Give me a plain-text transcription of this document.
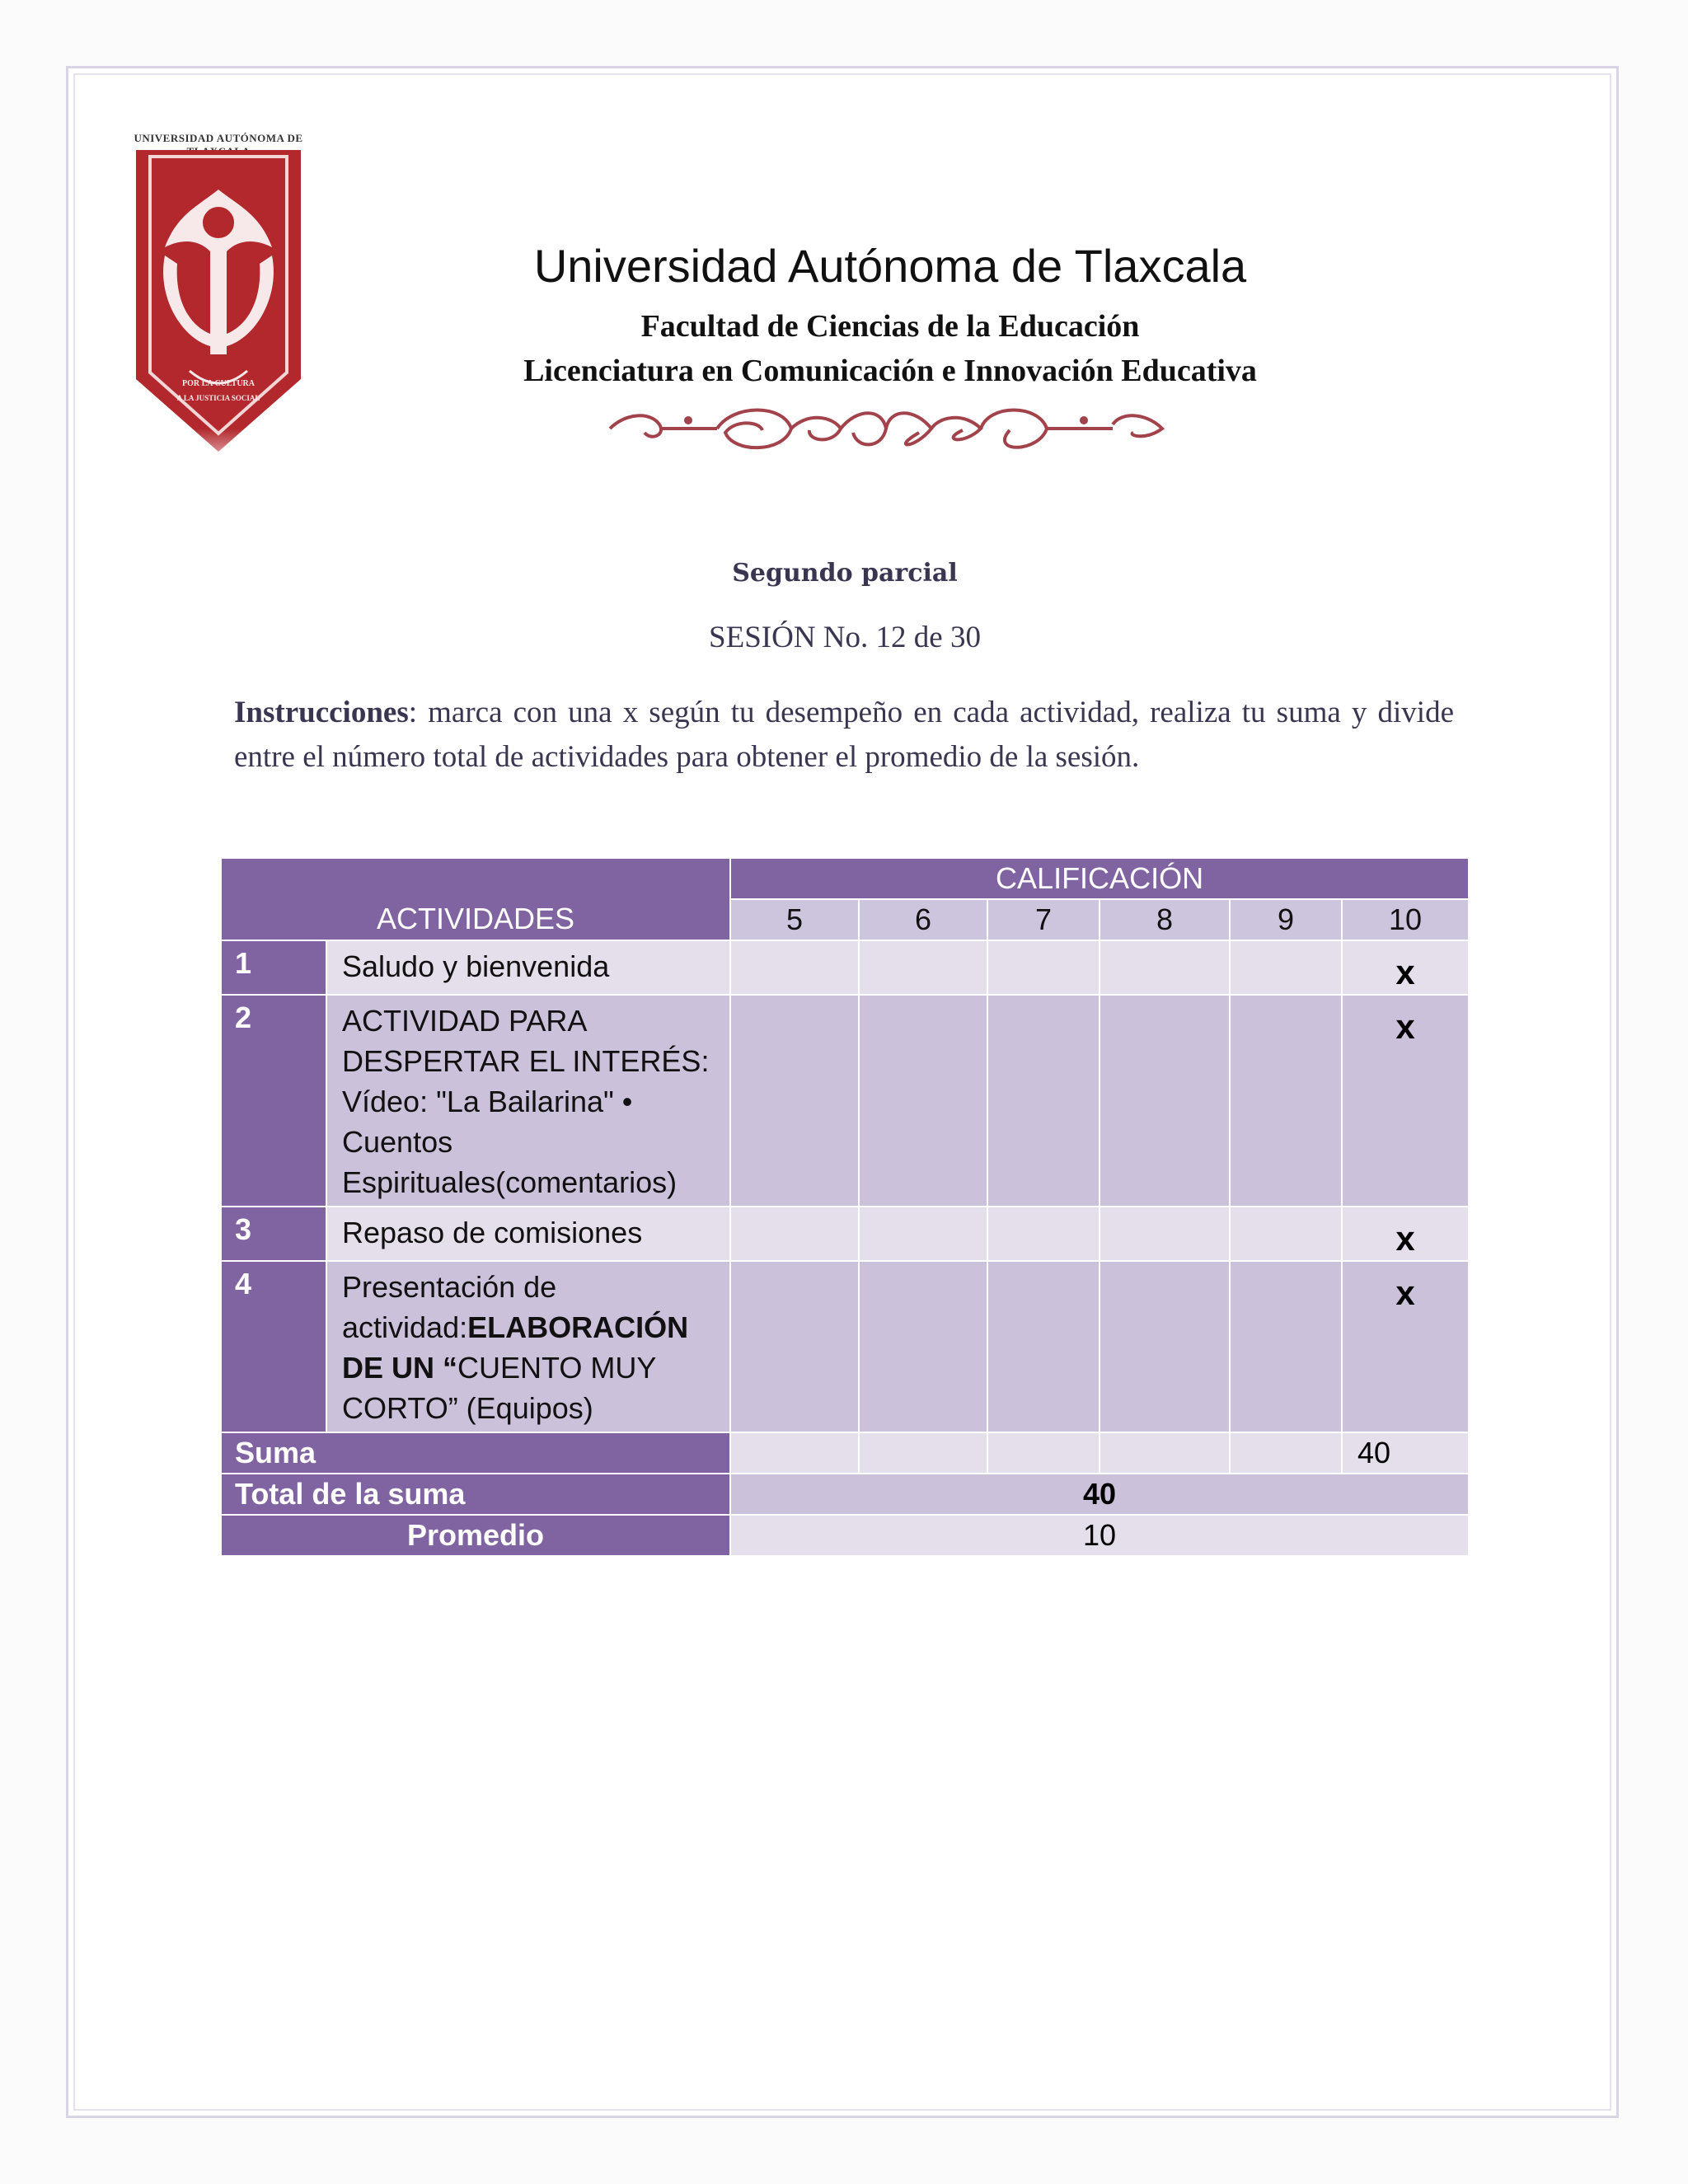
UNIVERSIDAD AUTÓNOMA DE
POR LA CULTURA
A LA JUSTICIA SOCIAL
Universidad Autónoma de Tlaxcala
Facultad de Ciencias de la Educación
Licenciatura en Comunicación e Innovación Educativa
Segundo parcial
SESIÓN No. 12 de 30
Instrucciones: marca con una x según tu desempeño en cada actividad, realiza tu suma y divide entre el número total de actividades para obtener el promedio de la sesión.
ACTIVIDADES		CALIFICACIÓN					
		5	6	7	8	9	10
1	Saludo y bienvenida						x
2	ACTIVIDAD PARA DESPERTAR EL INTERÉS: Vídeo: "La Bailarina" • Cuentos Espirituales(comentarios)						x
3	Repaso de comisiones						x
4	Presentación de actividad:ELABORACIÓN DE UN “CUENTO MUY CORTO” (Equipos)						x
Suma							40
Total de la suma		40					
Promedio		10					
